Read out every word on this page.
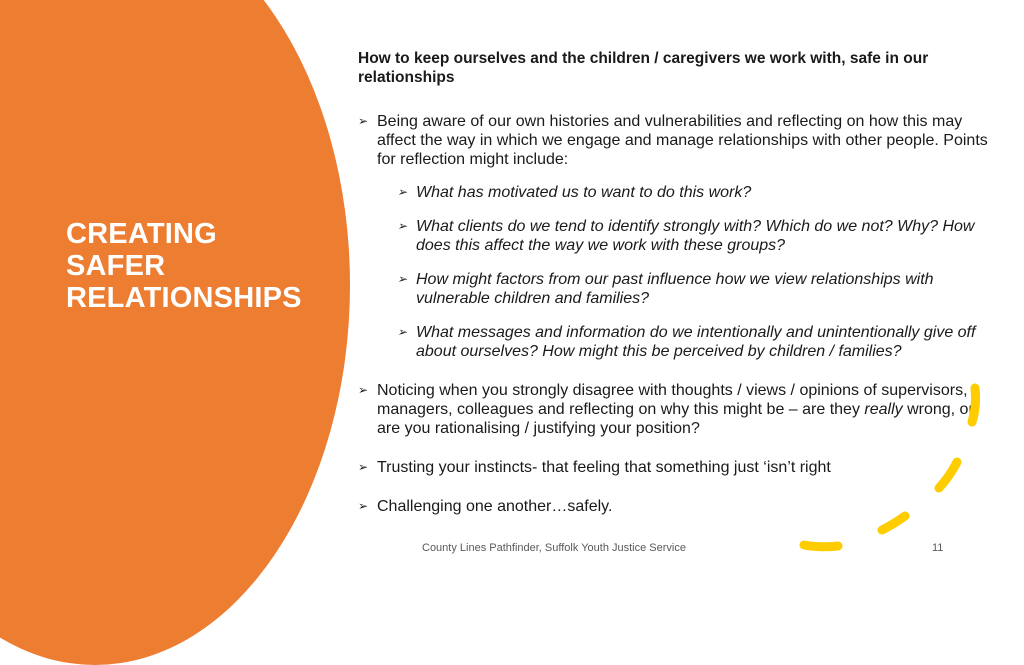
CREATING
SAFER
RELATIONSHIPS

How to keep ourselves and the children / caregivers we work with, safe in our relationships

➢ Being aware of our own histories and vulnerabilities and reflecting on how this may affect the way in which we engage and manage relationships with other people. Points for reflection might include:
➢ What has motivated us to want to do this work?
➢ What clients do we tend to identify strongly with? Which do we not? Why? How does this affect the way we work with these groups?
➢ How might factors from our past influence how we view relationships with vulnerable children and families?
➢ What messages and information do we intentionally and unintentionally give off about ourselves? How might this be perceived by children / families?
➢ Noticing when you strongly disagree with thoughts / views / opinions of supervisors, managers, colleagues and reflecting on why this might be – are they really wrong, or are you rationalising / justifying your position?
➢ Trusting your instincts- that feeling that something just ‘isn’t right
➢ Challenging one another…safely.
County Lines Pathfinder, Suffolk Youth Justice Service	11
